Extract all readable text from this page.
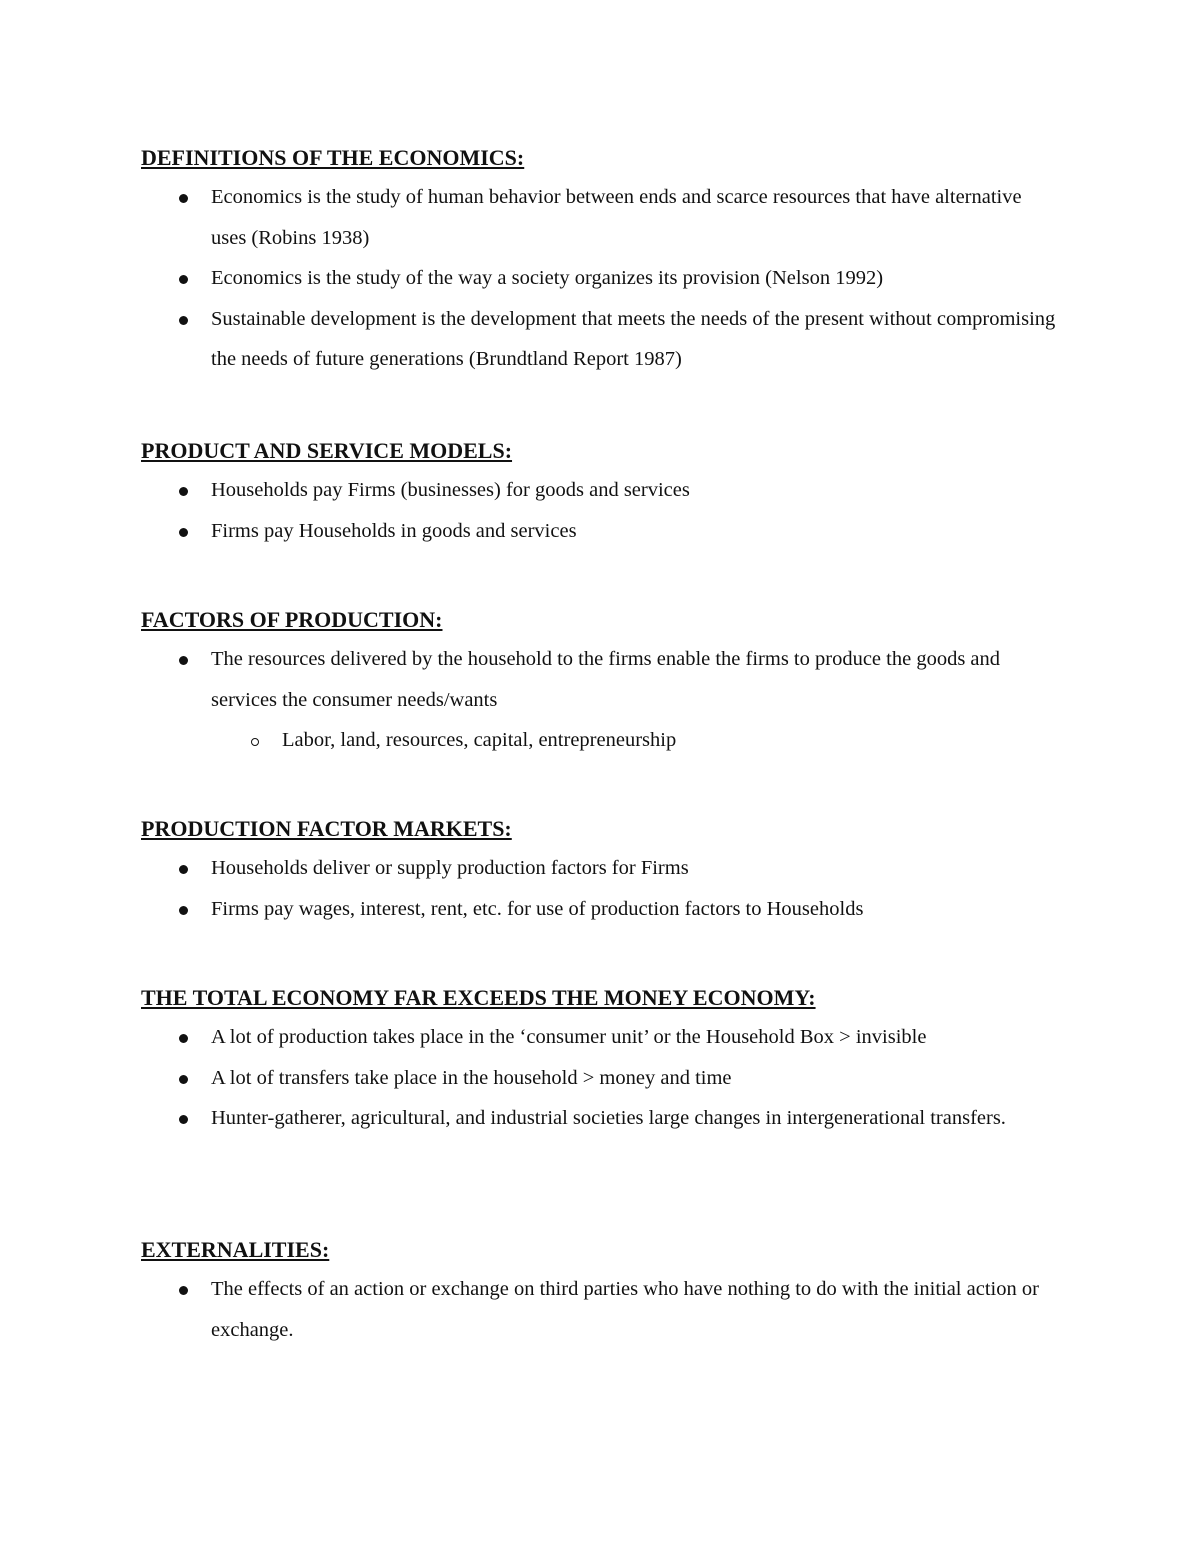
DEFINITIONS OF THE ECONOMICS:
Economics is the study of human behavior between ends and scarce resources that have alternative uses (Robins 1938)
Economics is the study of the way a society organizes its provision (Nelson 1992)
Sustainable development is the development that meets the needs of the present without compromising the needs of future generations (Brundtland Report 1987)
PRODUCT AND SERVICE MODELS:
Households pay Firms (businesses) for goods and services
Firms pay Households in goods and services
FACTORS OF PRODUCTION:
The resources delivered by the household to the firms enable the firms to produce the goods and services the consumer needs/wants
Labor, land, resources, capital, entrepreneurship
PRODUCTION FACTOR MARKETS:
Households deliver or supply production factors for Firms
Firms pay wages, interest, rent, etc. for use of production factors to Households
THE TOTAL ECONOMY FAR EXCEEDS THE MONEY ECONOMY:
A lot of production takes place in the ‘consumer unit’ or the Household Box > invisible
A lot of transfers take place in the household > money and time
Hunter-gatherer, agricultural, and industrial societies large changes in intergenerational transfers.
EXTERNALITIES:
The effects of an action or exchange on third parties who have nothing to do with the initial action or exchange.
